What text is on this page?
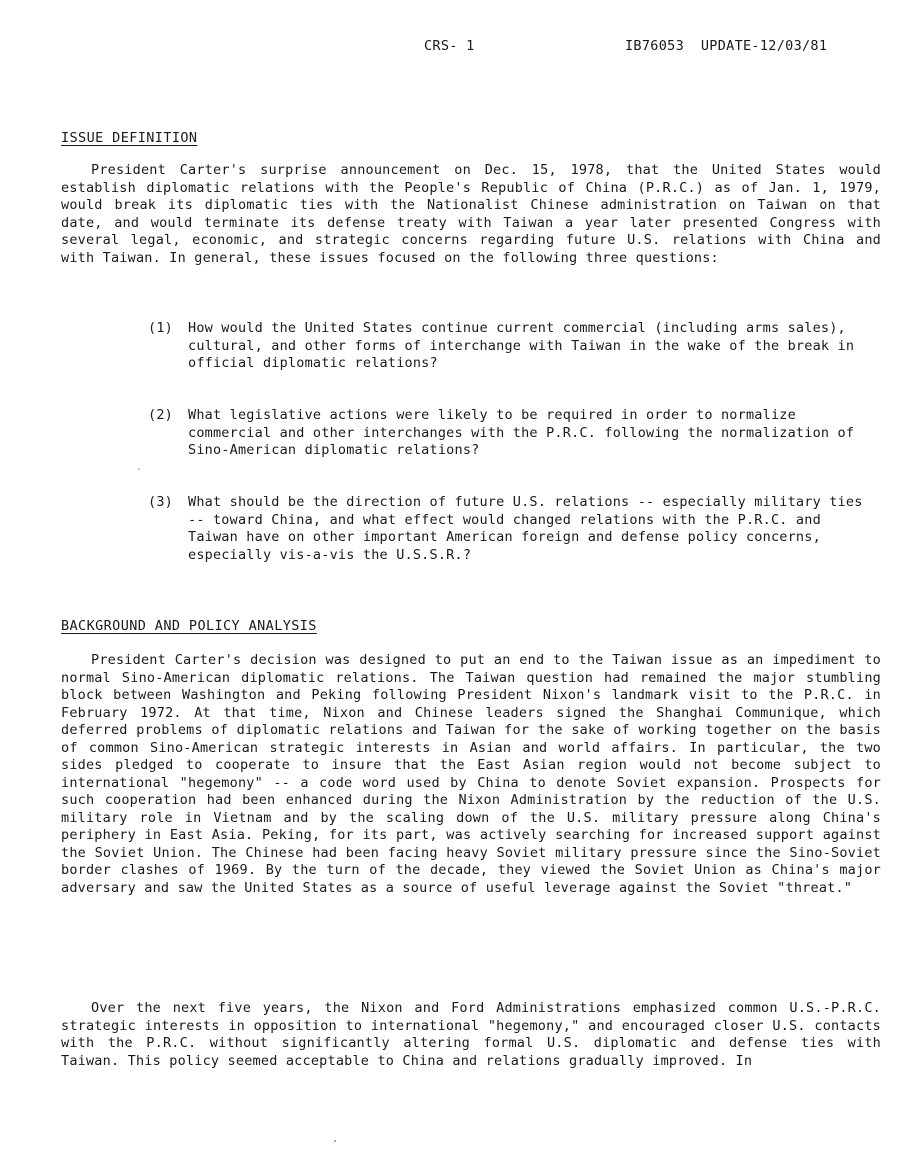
CRS- 1	IB76053 UPDATE-12/03/81
ISSUE DEFINITION

President Carter's surprise announcement on Dec. 15, 1978, that the United States would establish diplomatic relations with the People's Republic of China (P.R.C.) as of Jan. 1, 1979, would break its diplomatic ties with the Nationalist Chinese administration on Taiwan on that date, and would terminate its defense treaty with Taiwan a year later presented Congress with several legal, economic, and strategic concerns regarding future U.S. relations with China and with Taiwan. In general, these issues focused on the following three questions:

(1) How would the United States continue current commercial (including arms sales), cultural, and other forms of interchange with Taiwan in the wake of the break in official diplomatic relations?

(2) What legislative actions were likely to be required in order to normalize commercial and other interchanges with the P.R.C. following the normalization of Sino-American diplomatic relations?

(3) What should be the direction of future U.S. relations -- especially military ties -- toward China, and what effect would changed relations with the P.R.C. and Taiwan have on other important American foreign and defense policy concerns, especially vis-a-vis the U.S.S.R.?

BACKGROUND AND POLICY ANALYSIS

President Carter's decision was designed to put an end to the Taiwan issue as an impediment to normal Sino-American diplomatic relations. The Taiwan question had remained the major stumbling block between Washington and Peking following President Nixon's landmark visit to the P.R.C. in February 1972. At that time, Nixon and Chinese leaders signed the Shanghai Communique, which deferred problems of diplomatic relations and Taiwan for the sake of working together on the basis of common Sino-American strategic interests in Asian and world affairs. In particular, the two sides pledged to cooperate to insure that the East Asian region would not become subject to international "hegemony" -- a code word used by China to denote Soviet expansion. Prospects for such cooperation had been enhanced during the Nixon Administration by the reduction of the U.S. military role in Vietnam and by the scaling down of the U.S. military pressure along China's periphery in East Asia. Peking, for its part, was actively searching for increased support against the Soviet Union. The Chinese had been facing heavy Soviet military pressure since the Sino-Soviet border clashes of 1969. By the turn of the decade, they viewed the Soviet Union as China's major adversary and saw the United States as a source of useful leverage against the Soviet "threat."

Over the next five years, the Nixon and Ford Administrations emphasized common U.S.-P.R.C. strategic interests in opposition to international "hegemony," and encouraged closer U.S. contacts with the P.R.C. without significantly altering formal U.S. diplomatic and defense ties with Taiwan. This policy seemed acceptable to China and relations gradually improved. In
